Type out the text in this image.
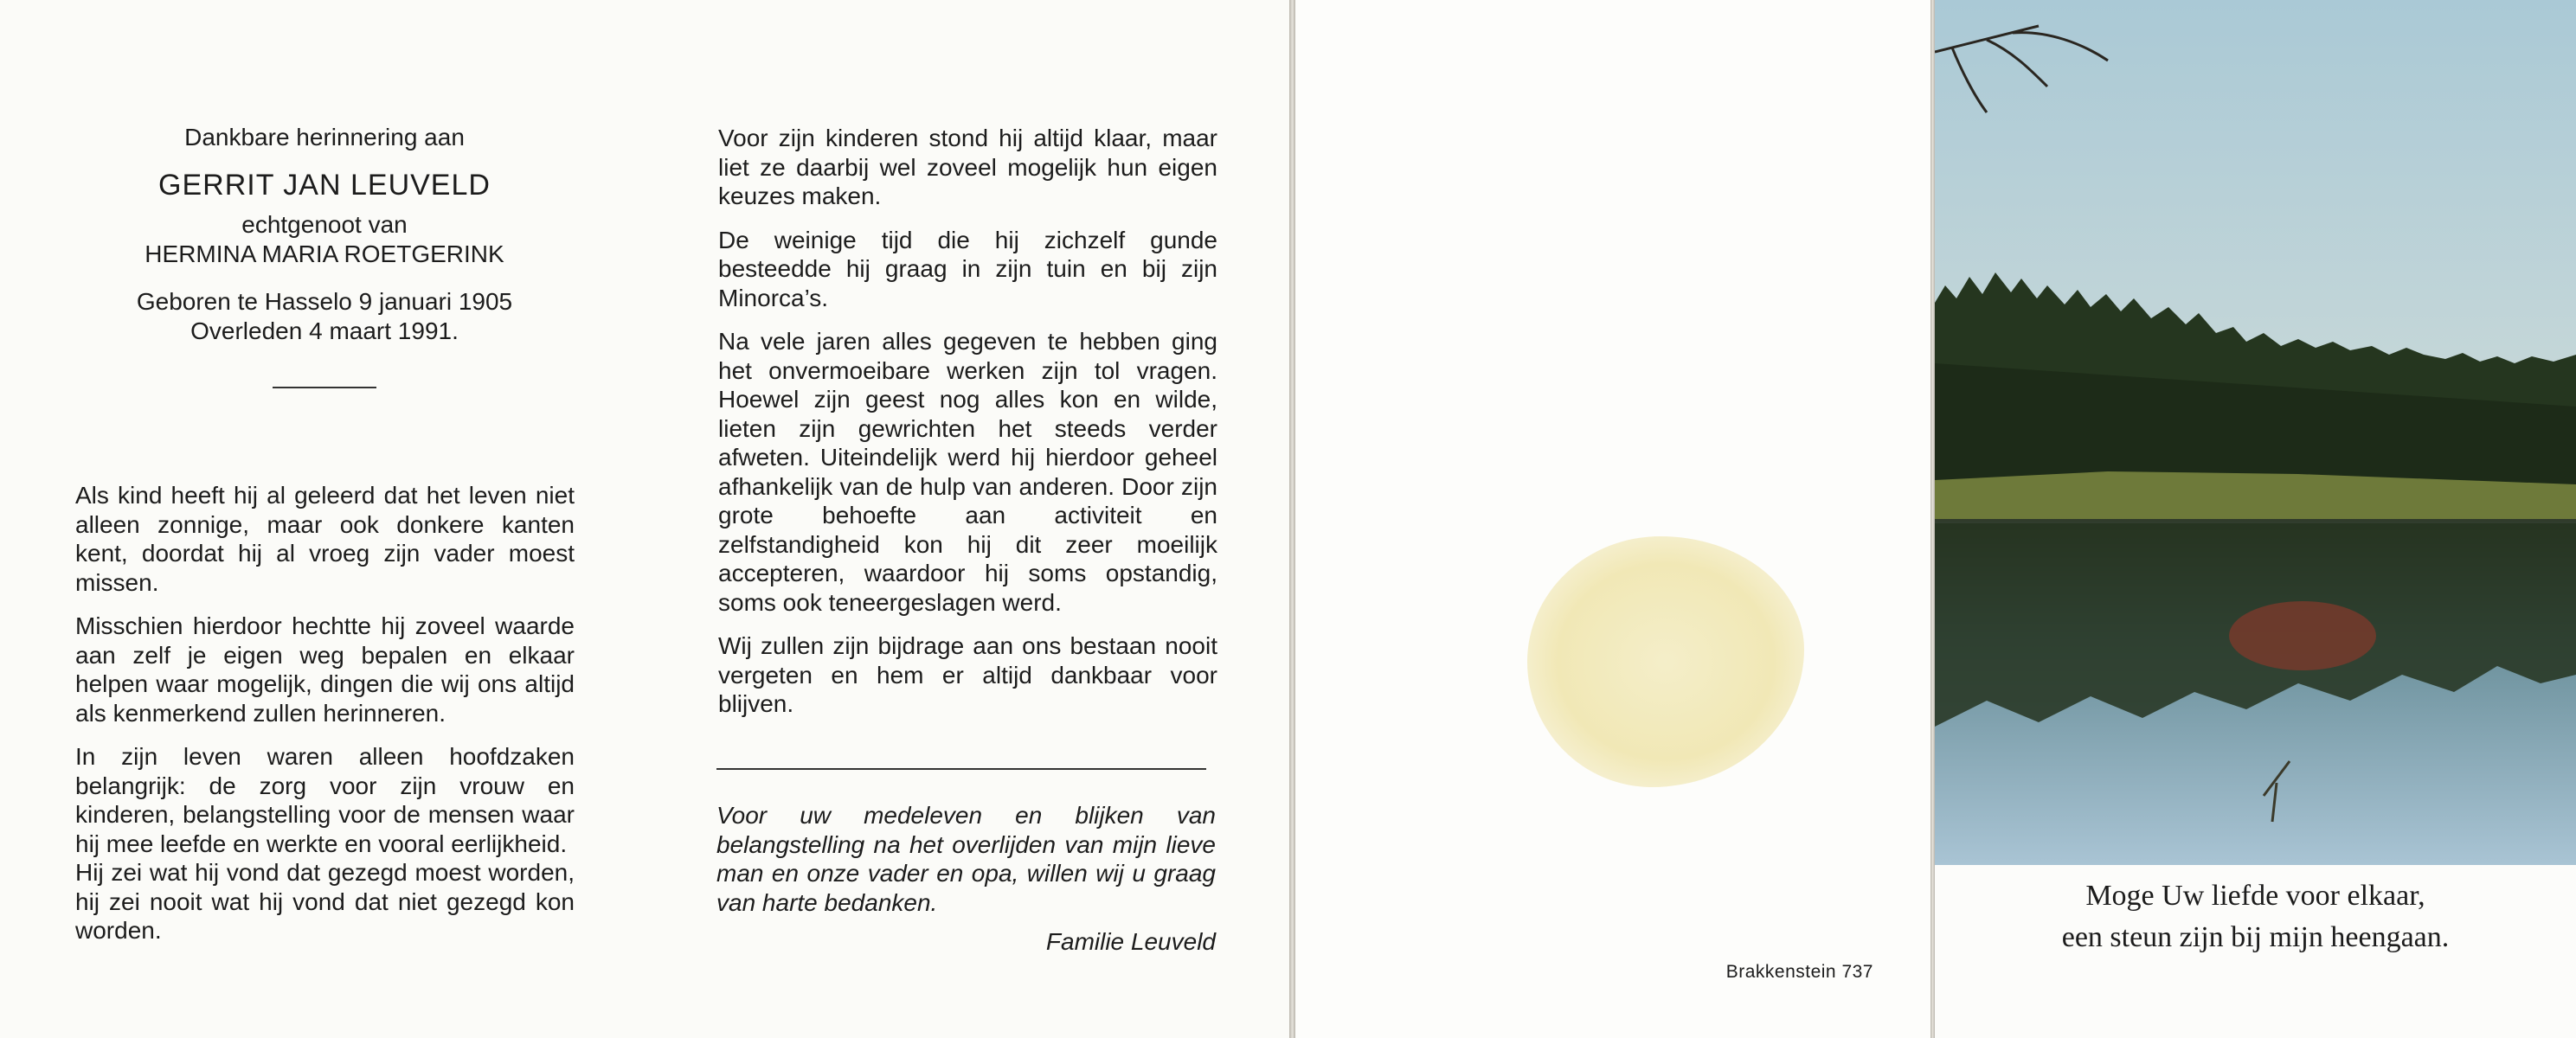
Dankbare herinnering aan
GERRIT JAN LEUVELD
echtgenoot van
HERMINA MARIA ROETGERINK
Geboren te Hasselo 9 januari 1905
Overleden 4 maart 1991.

Als kind heeft hij al geleerd dat het leven niet alleen zonnige, maar ook donkere kanten kent, doordat hij al vroeg zijn vader moest missen.

Misschien hierdoor hechtte hij zoveel waarde aan zelf je eigen weg bepalen en elkaar helpen waar mogelijk, dingen die wij ons altijd als kenmerkend zullen herinneren.

In zijn leven waren alleen hoofdzaken belangrijk: de zorg voor zijn vrouw en kinderen, belangstelling voor de mensen waar hij mee leefde en werkte en vooral eerlijkheid.

Hij zei wat hij vond dat gezegd moest worden, hij zei nooit wat hij vond dat niet gezegd kon worden.

Voor zijn kinderen stond hij altijd klaar, maar liet ze daarbij wel zoveel mogelijk hun eigen keuzes maken.

De weinige tijd die hij zichzelf gunde besteedde hij graag in zijn tuin en bij zijn Minorca’s.

Na vele jaren alles gegeven te hebben ging het onvermoeibare werken zijn tol vragen. Hoewel zijn geest nog alles kon en wilde, lieten zijn gewrichten het steeds verder afweten. Uiteindelijk werd hij hierdoor geheel afhankelijk van de hulp van anderen. Door zijn grote behoefte aan activiteit en zelfstandigheid kon hij dit zeer moeilijk accepteren, waardoor hij soms opstandig, soms ook teneergeslagen werd.

Wij zullen zijn bijdrage aan ons bestaan nooit vergeten en hem er altijd dankbaar voor blijven.

Voor uw medeleven en blijken van belangstelling na het overlijden van mijn lieve man en onze vader en opa, willen wij u graag van harte bedanken.
Familie Leuveld
Brakkenstein 737
Moge Uw liefde voor elkaar,
een steun zijn bij mijn heengaan.
